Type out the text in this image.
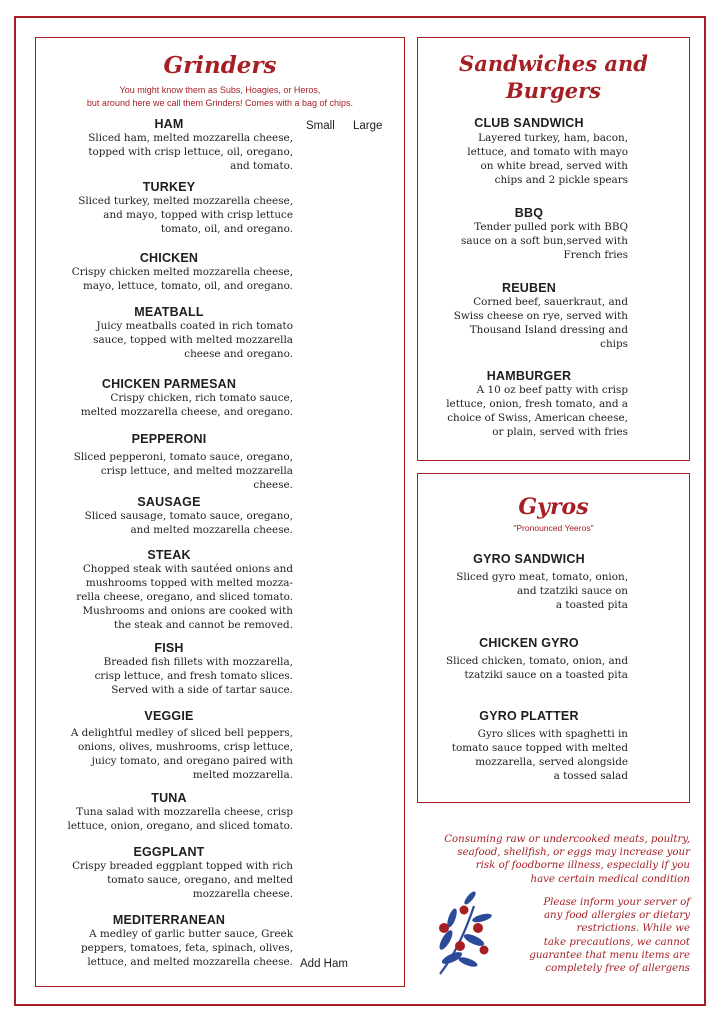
Grinders
You might know them as Subs, Hoagies, or Heros,
but around here we call them Grinders! Comes with a bag of chips.
Small Large
Add Ham
HAM
Sliced ham, melted mozzarella cheese,
topped with crisp lettuce, oil, oregano,
and tomato.
TURKEY
Sliced turkey, melted mozzarella cheese,
and mayo, topped with crisp lettuce
tomato, oil, and oregano.
CHICKEN
Crispy chicken melted mozzarella cheese,
mayo, lettuce, tomato, oil, and oregano.
MEATBALL
Juicy meatballs coated in rich tomato
sauce, topped with melted mozzarella
cheese and oregano.
CHICKEN PARMESAN
Crispy chicken, rich tomato sauce,
melted mozzarella cheese, and oregano.
PEPPERONI
Sliced pepperoni, tomato sauce, oregano,
crisp lettuce, and melted mozzarella
cheese.
SAUSAGE
Sliced sausage, tomato sauce, oregano,
and melted mozzarella cheese.
STEAK
Chopped steak with sautéed onions and
mushrooms topped with melted mozza-
rella cheese, oregano, and sliced tomato.
Mushrooms and onions are cooked with
the steak and cannot be removed.
FISH
Breaded fish fillets with mozzarella,
crisp lettuce, and fresh tomato slices.
Served with a side of tartar sauce.
VEGGIE
A delightful medley of sliced bell peppers,
onions, olives, mushrooms, crisp lettuce,
juicy tomato, and oregano paired with
melted mozzarella.
TUNA
Tuna salad with mozzarella cheese, crisp
lettuce, onion, oregano, and sliced tomato.
EGGPLANT
Crispy breaded eggplant topped with rich
tomato sauce, oregano, and melted
mozzarella cheese.
MEDITERRANEAN
A medley of garlic butter sauce, Greek
peppers, tomatoes, feta, spinach, olives,
lettuce, and melted mozzarella cheese.
Sandwiches and
Burgers
CLUB SANDWICH
Layered turkey, ham, bacon,
lettuce, and tomato with mayo
on white bread, served with
chips and 2 pickle spears
BBQ
Tender pulled pork with BBQ
sauce on a soft bun,served with
French fries
REUBEN
Corned beef, sauerkraut, and
Swiss cheese on rye, served with
Thousand Island dressing and
chips
HAMBURGER
A 10 oz beef patty with crisp
lettuce, onion, fresh tomato, and a
choice of Swiss, American cheese,
or plain, served with fries
Gyros
"Pronounced Yeeros"
GYRO SANDWICH
Sliced gyro meat, tomato, onion,
and tzatziki sauce on
a toasted pita
CHICKEN GYRO
Sliced chicken, tomato, onion, and
tzatziki sauce on a toasted pita
GYRO PLATTER
Gyro slices with spaghetti in
tomato sauce topped with melted
mozzarella, served alongside
a tossed salad
Consuming raw or undercooked meats, poultry,
seafood, shellfish, or eggs may increase your
risk of foodborne illness, especially if you
have certain medical condition
Please inform your server of
any food allergies or dietary
restrictions. While we
take precautions, we cannot
guarantee that menu items are
completely free of allergens
